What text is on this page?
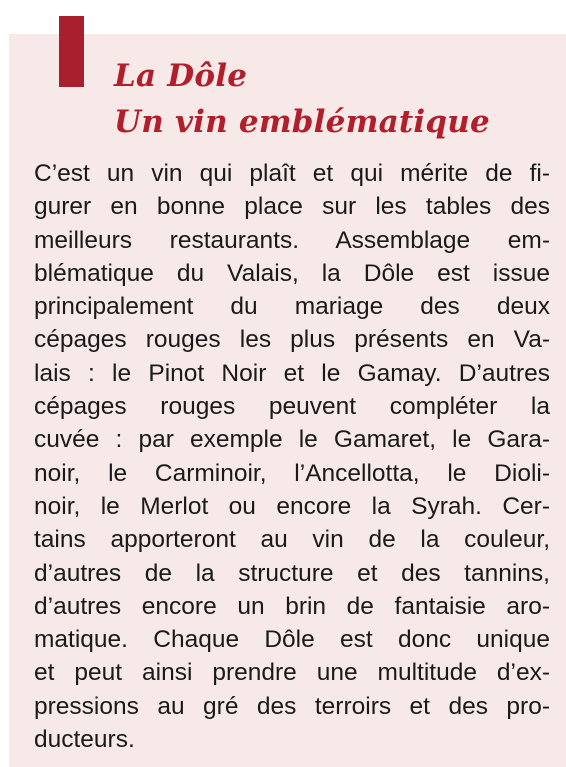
La Dôle
Un vin emblématique

C’est un vin qui plaît et qui mérite de fi-
gurer en bonne place sur les tables des
meilleurs restaurants. Assemblage em-
blématique du Valais, la Dôle est issue
principalement du mariage des deux
cépages rouges les plus présents en Va-
lais : le Pinot Noir et le Gamay. D’autres
cépages rouges peuvent compléter la
cuvée : par exemple le Gamaret, le Gara-
noir, le Carminoir, l’Ancellotta, le Dioli-
noir, le Merlot ou encore la Syrah. Cer-
tains apporteront au vin de la couleur,
d’autres de la structure et des tannins,
d’autres encore un brin de fantaisie aro-
matique. Chaque Dôle est donc unique
et peut ainsi prendre une multitude d’ex-
pressions au gré des terroirs et des pro-
ducteurs.
